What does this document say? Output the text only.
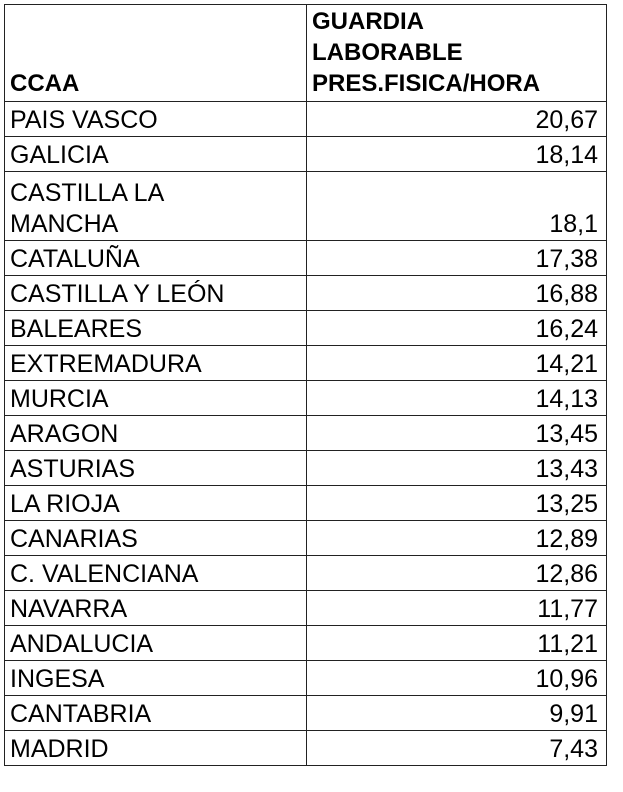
CCAA	GUARDIA
LABORABLE
PRES.FISICA/HORA
PAIS VASCO	20,67
GALICIA	18,14
CASTILLA LA
MANCHA	18,1
CATALUÑA	17,38
CASTILLA Y LEÓN	16,88
BALEARES	16,24
EXTREMADURA	14,21
MURCIA	14,13
ARAGON	13,45
ASTURIAS	13,43
LA RIOJA	13,25
CANARIAS	12,89
C. VALENCIANA	12,86
NAVARRA	11,77
ANDALUCIA	11,21
INGESA	10,96
CANTABRIA	9,91
MADRID	7,43
